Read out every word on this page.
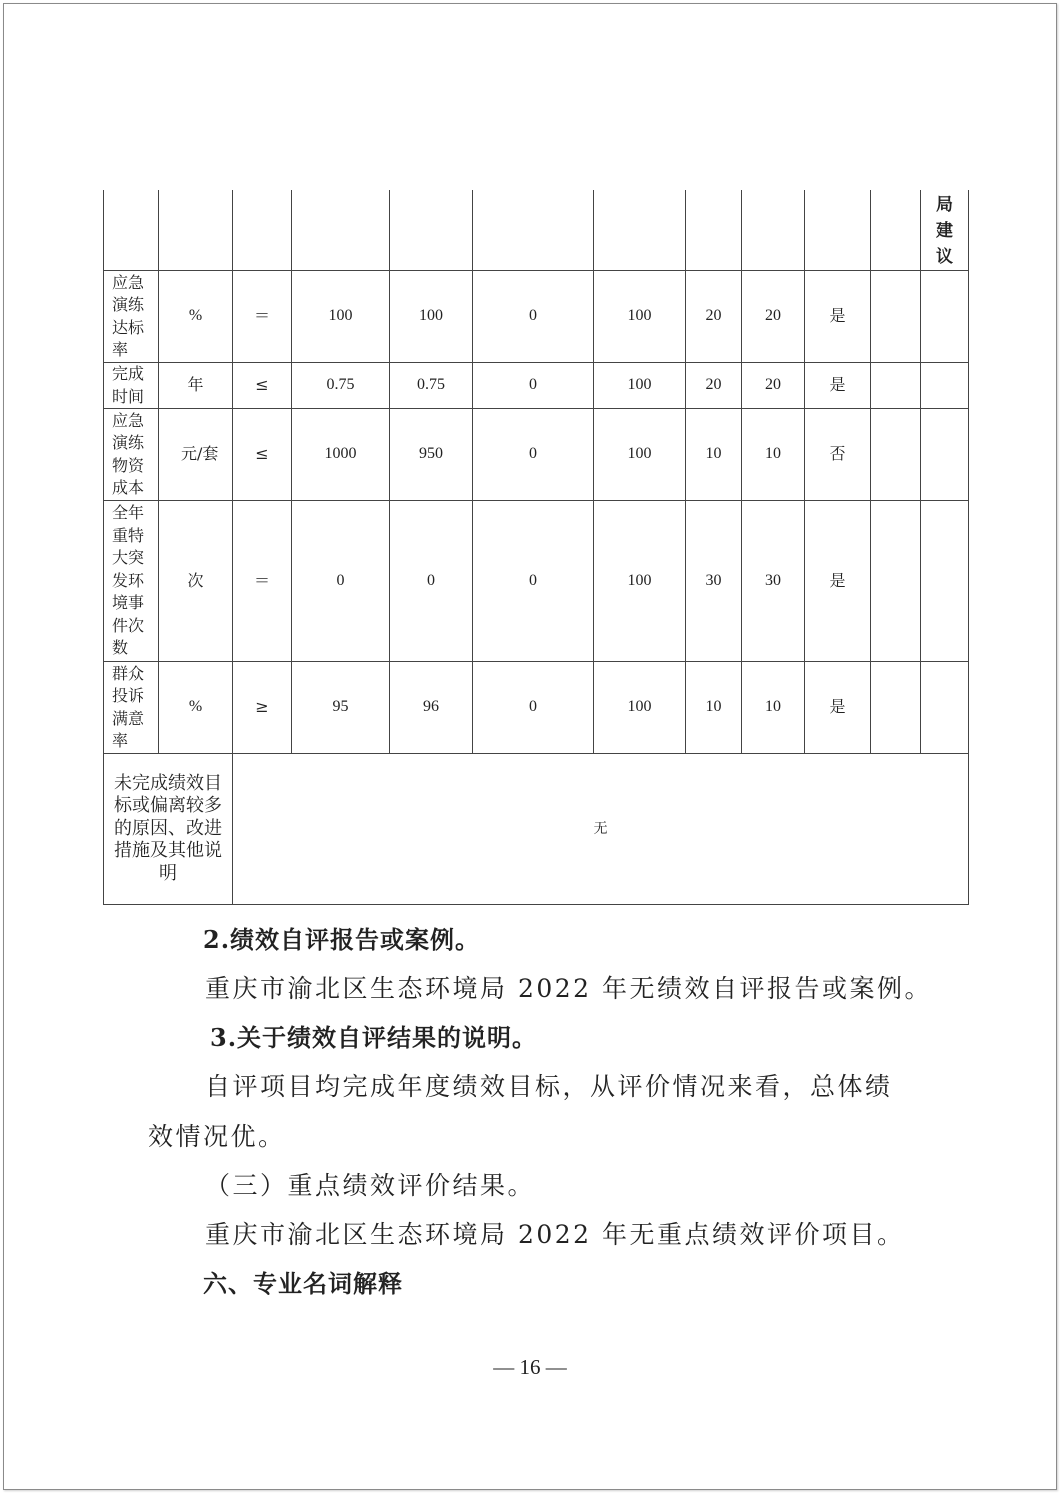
											局建议
应急演练达标率	%	＝	100	100	0	100	20	20	是		
完成时间	年	≤	0.75	0.75	0	100	20	20	是		
应急演练物资成本	元/套	≤	1000	950	0	100	10	10	否		
全年重特大突发环境事件次数	次	＝	0	0	0	100	30	30	是		
群众投诉满意率	%	≥	95	96	0	100	10	10	是		
未完成绩效目标或偏离较多的原因、改进措施及其他说明		无									

2.绩效自评报告或案例。

重庆市渝北区生态环境局 2022 年无绩效自评报告或案例。

3.关于绩效自评结果的说明。

自评项目均完成年度绩效目标，从评价情况来看，总体绩

效情况优。

（三）重点绩效评价结果。

重庆市渝北区生态环境局 2022 年无重点绩效评价项目。

六、专业名词解释

— 16 —
